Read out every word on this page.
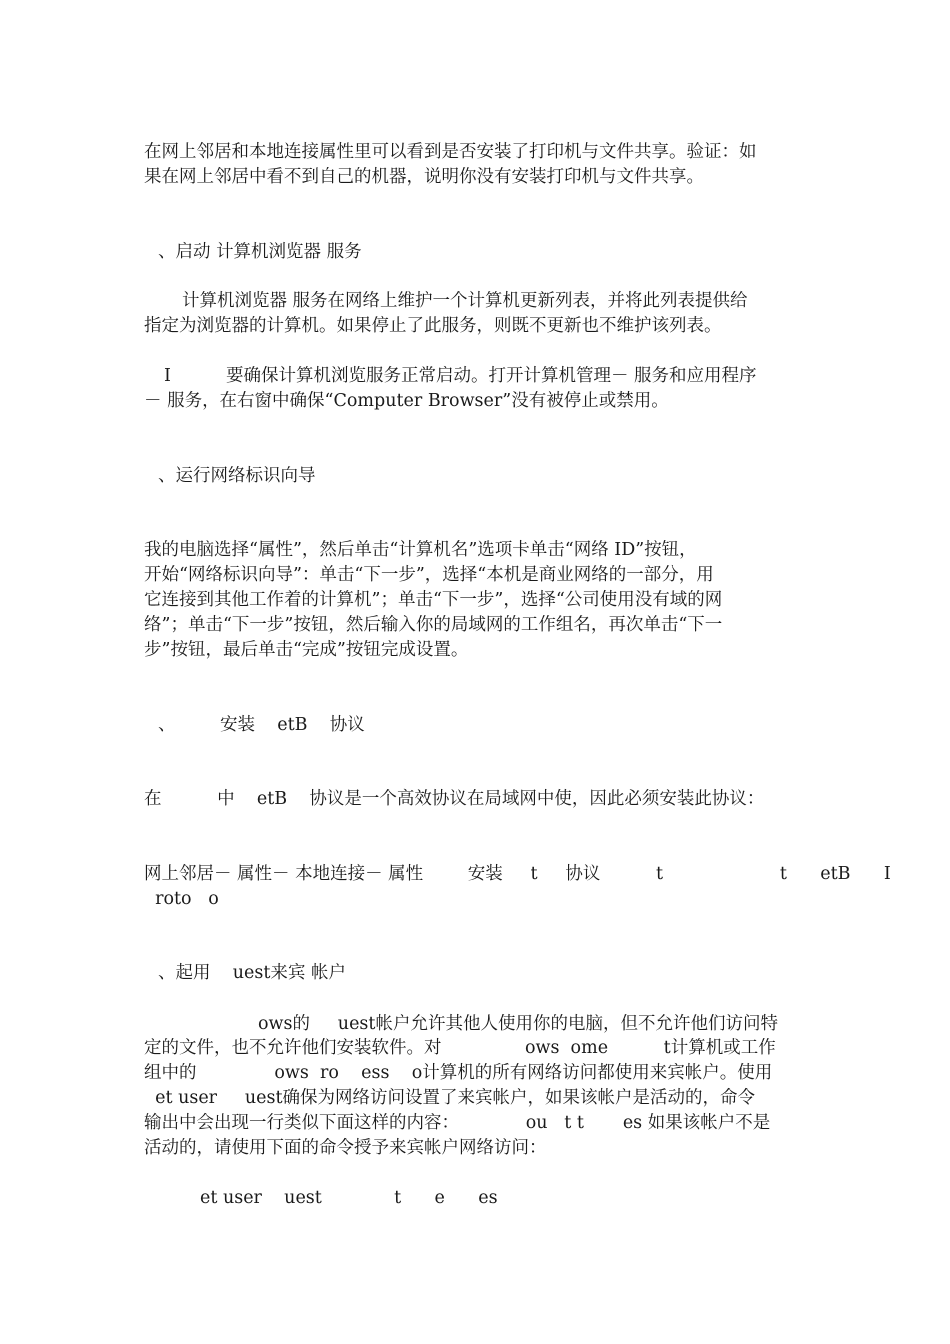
在网上邻居和本地连接属性里可以看到是否安装了打印机与文件共享。验证：如
果在网上邻居中看不到自己的机器，说明你没有安装打印机与文件共享。
、启动 计算机浏览器 服务
计算机浏览器 服务在网络上维护一个计算机更新列表，并将此列表提供给
指定为浏览器的计算机。如果停止了此服务，则既不更新也不维护该列表。
I	要确保计算机浏览服务正常启动。打开计算机管理－ 服务和应用程序
－ 服务，在右窗中确保“Computer Browser”没有被停止或禁用。
、运行网络标识向导
我的电脑选择“属性”，然后单击“计算机名”选项卡单击“网络 ID”按钮，
开始“网络标识向导”：单击“下一步”，选择“本机是商业网络的一部分，用
它连接到其他工作着的计算机”；单击“下一步”，选择“公司使用没有域的网
络”；单击“下一步”按钮，然后输入你的局域网的工作组名，再次单击“下一
步”按钮，最后单击“完成”按钮完成设置。
、        安装    etB    协议
在          中    etB    协议是一个高效协议在局域网中使，因此必须安装此协议：
网上邻居－ 属性－ 本地连接－ 属性        安装     t     协议          t                     t      etB      I
roto   o
、起用    uest来宾 帐户
ows的     uest帐户允许其他人使用你的电脑，但不允许他们访问特
定的文件，也不允许他们安装软件。对               ows  ome          t计算机或工作
组中的              ows  ro    ess    o计算机的所有网络访问都使用来宾帐户。使用
et user     uest确保为网络访问设置了来宾帐户，如果该帐户是活动的，命令
输出中会出现一行类似下面这样的内容：            ou   t t       es 如果该帐户不是
活动的，请使用下面的命令授予来宾帐户网络访问：
et user    uest             t      e      es
